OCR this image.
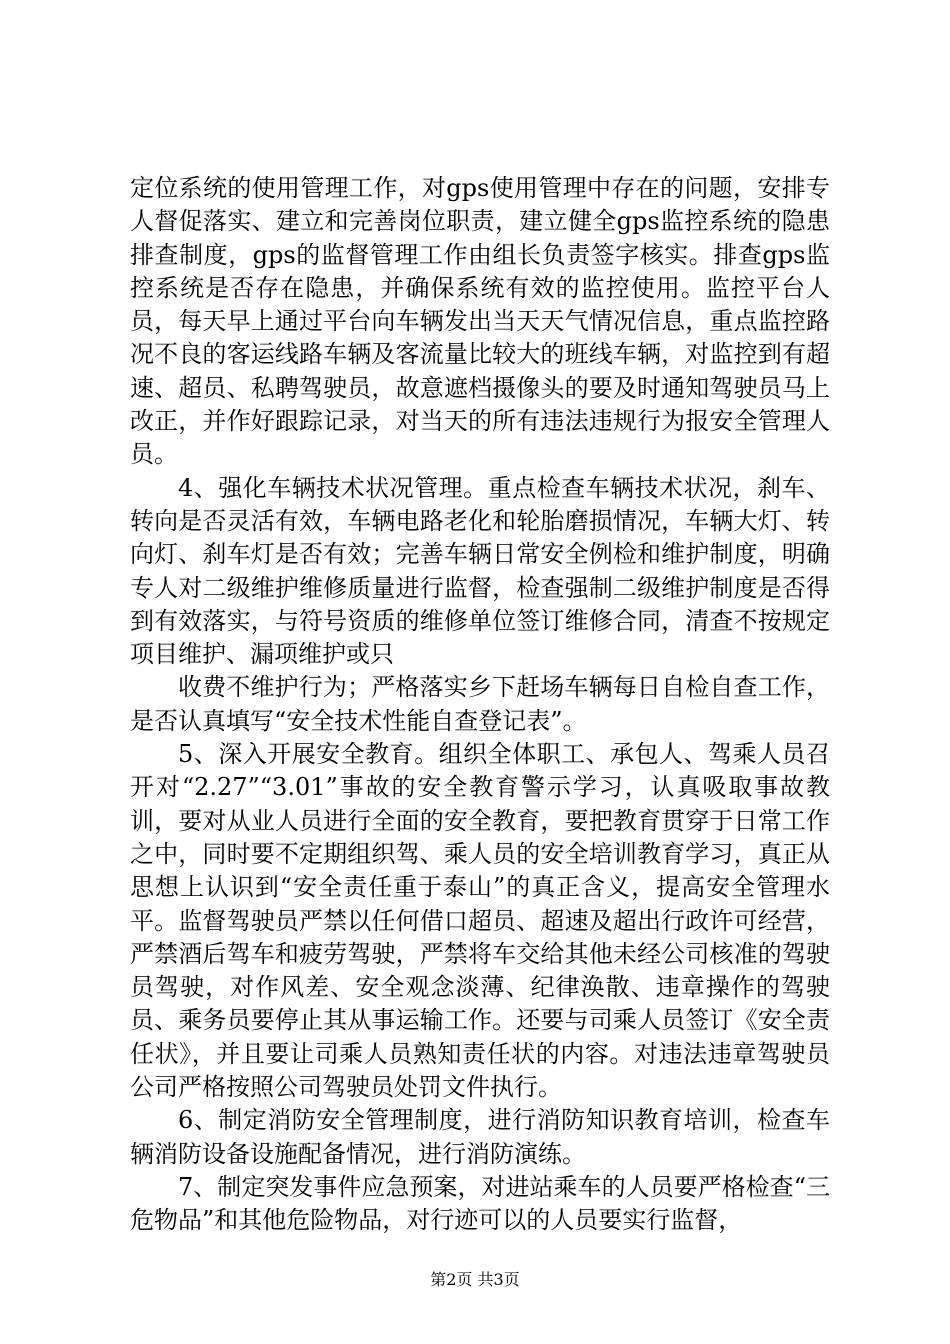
定位系统的使用管理工作，对gps使用管理中存在的问题，安排专人督促落实、建立和完善岗位职责，建立健全gps监控系统的隐患排查制度，gps的监督管理工作由组长负责签字核实。排查gps监控系统是否存在隐患，并确保系统有效的监控使用。监控平台人员，每天早上通过平台向车辆发出当天天气情况信息，重点监控路况不良的客运线路车辆及客流量比较大的班线车辆，对监控到有超速、超员、私聘驾驶员，故意遮档摄像头的要及时通知驾驶员马上改正，并作好跟踪记录，对当天的所有违法违规行为报安全管理人员。

4、强化车辆技术状况管理。重点检查车辆技术状况，刹车、转向是否灵活有效，车辆电路老化和轮胎磨损情况，车辆大灯、转向灯、刹车灯是否有效；完善车辆日常安全例检和维护制度，明确专人对二级维护维修质量进行监督，检查强制二级维护制度是否得到有效落实，与符号资质的维修单位签订维修合同，清查不按规定项目维护、漏项维护或只

收费不维护行为；严格落实乡下赶场车辆每日自检自查工作，是否认真填写“安全技术性能自查登记表”。

5、深入开展安全教育。组织全体职工、承包人、驾乘人员召开对“2.27”“3.01”事故的安全教育警示学习，认真吸取事故教训，要对从业人员进行全面的安全教育，要把教育贯穿于日常工作之中，同时要不定期组织驾、乘人员的安全培训教育学习，真正从思想上认识到“安全责任重于泰山”的真正含义，提高安全管理水平。监督驾驶员严禁以任何借口超员、超速及超出行政许可经营，严禁酒后驾车和疲劳驾驶，严禁将车交给其他未经公司核准的驾驶员驾驶，对作风差、安全观念淡薄、纪律涣散、违章操作的驾驶员、乘务员要停止其从事运输工作。还要与司乘人员签订《安全责任状》，并且要让司乘人员熟知责任状的内容。对违法违章驾驶员公司严格按照公司驾驶员处罚文件执行。

6、制定消防安全管理制度，进行消防知识教育培训，检查车辆消防设备设施配备情况，进行消防演练。

7、制定突发事件应急预案，对进站乘车的人员要严格检查“三危物品”和其他危险物品，对行迹可以的人员要实行监督，

第2页 共3页
